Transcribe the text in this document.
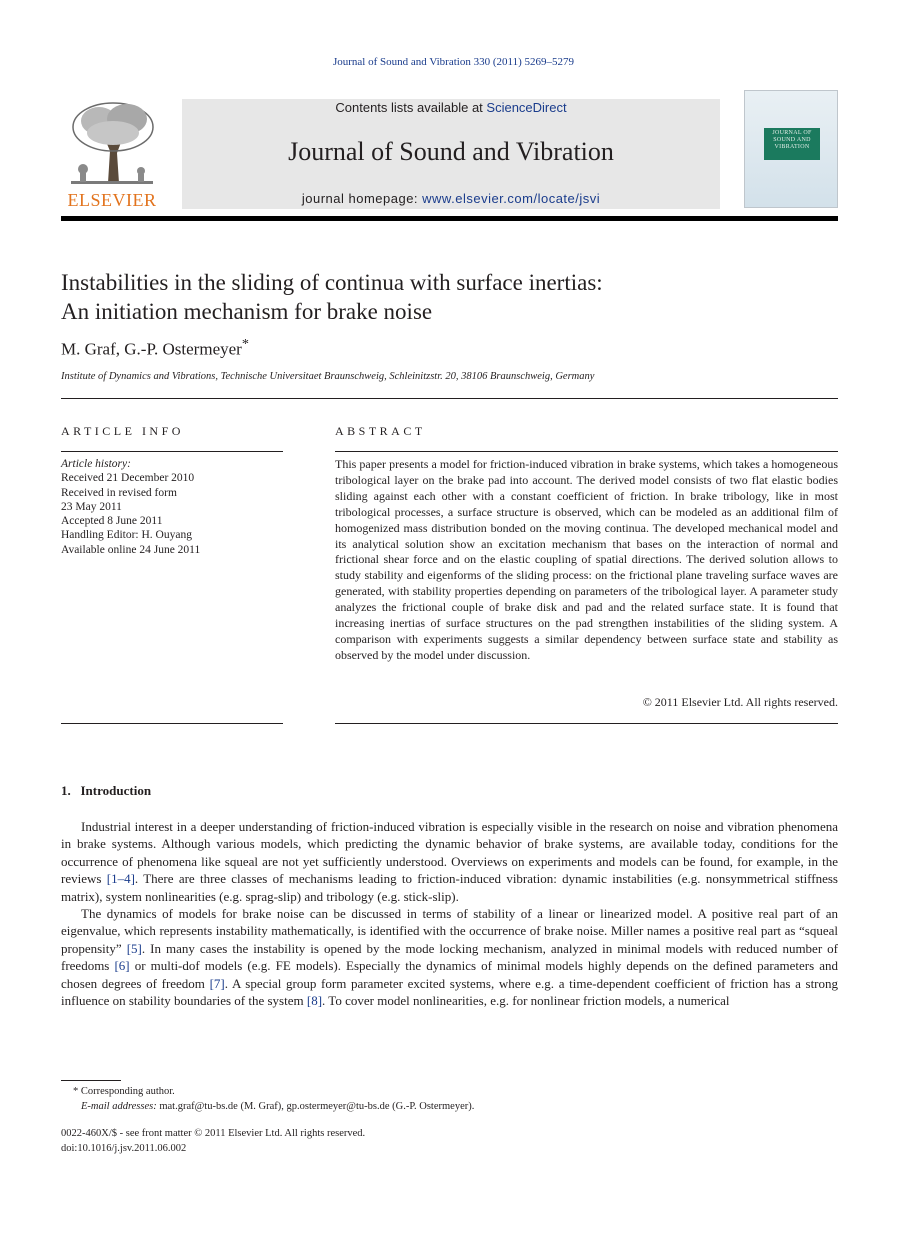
Journal of Sound and Vibration 330 (2011) 5269–5279
ELSEVIER
Contents lists available at ScienceDirect
Journal of Sound and Vibration
journal homepage: www.elsevier.com/locate/jsvi
JOURNAL OF SOUND AND VIBRATION
Instabilities in the sliding of continua with surface inertias:
An initiation mechanism for brake noise
M. Graf, G.-P. Ostermeyer*
Institute of Dynamics and Vibrations, Technische Universitaet Braunschweig, Schleinitzstr. 20, 38106 Braunschweig, Germany
ARTICLE INFO

Article history:

Received 21 December 2010

Received in revised form

23 May 2011

Accepted 8 June 2011

Handling Editor: H. Ouyang

Available online 24 June 2011

ABSTRACT
This paper presents a model for friction-induced vibration in brake systems, which takes a homogeneous tribological layer on the brake pad into account. The derived model consists of two flat elastic bodies sliding against each other with a constant coefficient of friction. In brake tribology, like in most tribological processes, a surface structure is observed, which can be modeled as an additional film of homogenized mass distribution bonded on the moving continua. The developed mechanical model and its analytical solution show an excitation mechanism that bases on the interaction of normal and frictional shear force and on the elastic coupling of spatial directions. The derived solution allows to study stability and eigenforms of the sliding process: on the frictional plane traveling surface waves are generated, with stability properties depending on parameters of the tribological layer. A parameter study analyzes the frictional couple of brake disk and pad and the related surface state. It is found that increasing inertias of surface structures on the pad strengthen instabilities of the sliding system. A comparison with experiments suggests a similar dependency between surface state and stability as observed by the model under discussion.
© 2011 Elsevier Ltd. All rights reserved.
1. Introduction

Industrial interest in a deeper understanding of friction-induced vibration is especially visible in the research on noise and vibration phenomena in brake systems. Although various models, which predicting the dynamic behavior of brake systems, are available today, conditions for the occurrence of phenomena like squeal are not yet sufficiently understood. Overviews on experiments and models can be found, for example, in the reviews [1–4]. There are three classes of mechanisms leading to friction-induced vibration: dynamic instabilities (e.g. nonsymmetrical stiffness matrix), system nonlinearities (e.g. sprag-slip) and tribology (e.g. stick-slip).

The dynamics of models for brake noise can be discussed in terms of stability of a linear or linearized model. A positive real part of an eigenvalue, which represents instability mathematically, is identified with the occurrence of brake noise. Miller names a positive real part as “squeal propensity” [5]. In many cases the instability is opened by the mode locking mechanism, analyzed in minimal models with reduced number of freedoms [6] or multi-dof models (e.g. FE models). Especially the dynamics of minimal models highly depends on the defined parameters and chosen degrees of freedom [7]. A special group form parameter excited systems, where e.g. a time-dependent coefficient of friction has a strong influence on stability boundaries of the system [8]. To cover model nonlinearities, e.g. for nonlinear friction models, a numerical

* Corresponding author.

E-mail addresses: mat.graf@tu-bs.de (M. Graf), gp.ostermeyer@tu-bs.de (G.-P. Ostermeyer).

0022-460X/$ - see front matter © 2011 Elsevier Ltd. All rights reserved.

doi:10.1016/j.jsv.2011.06.002
